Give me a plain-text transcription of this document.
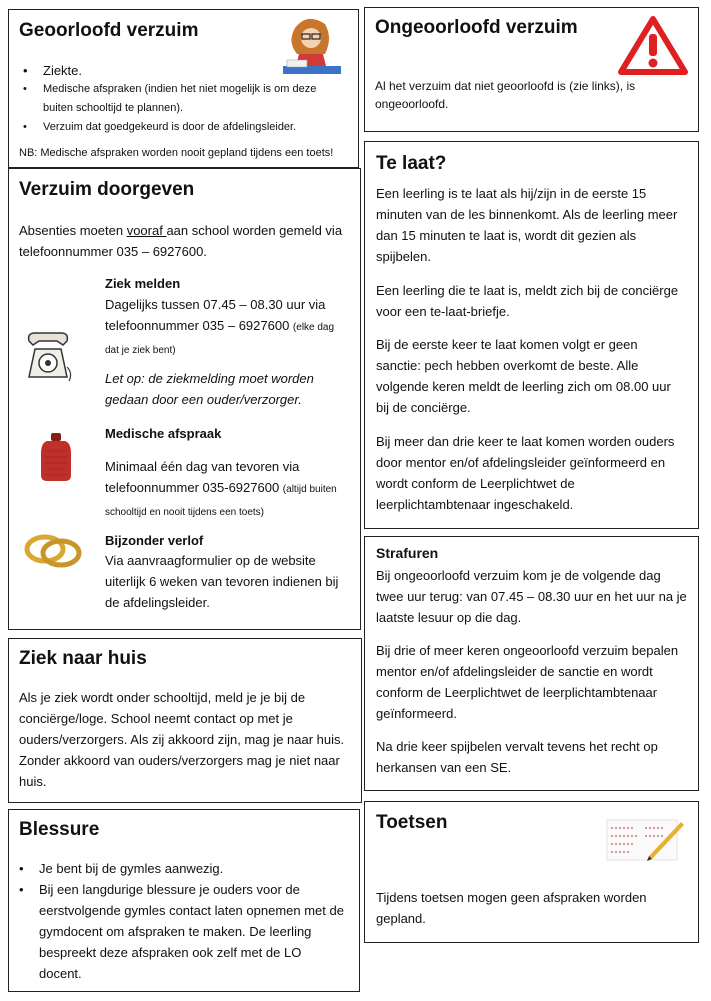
Geoorloofd verzuim
• Ziekte.
• Medische afspraken (indien het niet mogelijk is om deze buiten schooltijd te plannen).
• Verzuim dat goedgekeurd is door de afdelingsleider.

NB: Medische afspraken worden nooit gepland tijdens een toets!

Ongeoorloofd verzuim

Al het verzuim dat niet geoorloofd is (zie links), is ongeoorloofd.

Verzuim doorgeven

Absenties moeten vooraf aan school worden gemeld via telefoonnummer 035 – 6927600.

Ziek melden

Dagelijks tussen 07.45 – 08.30 uur via telefoonnummer 035 – 6927600 (elke dag dat je ziek bent)

Let op: de ziekmelding moet worden gedaan door een ouder/verzorger.

Medische afspraak

Minimaal één dag van tevoren via telefoonnummer 035-6927600 (altijd buiten schooltijd en nooit tijdens een toets)

Bijzonder verlof

Via aanvraagformulier op de website uiterlijk 6 weken van tevoren indienen bij de afdelingsleider.

Te laat?

Een leerling is te laat als hij/zijn in de eerste 15 minuten van de les binnenkomt. Als de leerling meer dan 15 minuten te laat is, wordt dit gezien als spijbelen.

Een leerling die te laat is, meldt zich bij de conciërge voor een te-laat-briefje.

Bij de eerste keer te laat komen volgt er geen sanctie: pech hebben overkomt de beste. Alle volgende keren meldt de leerling zich om 08.00 uur bij de conciërge.

Bij meer dan drie keer te laat komen worden ouders door mentor en/of afdelingsleider geïnformeerd en wordt conform de Leerplichtwet de leerplichtambtenaar ingeschakeld.

Strafuren

Bij ongeoorloofd verzuim kom je de volgende dag twee uur terug: van 07.45 – 08.30 uur en het uur na je laatste lesuur op die dag.

Bij drie of meer keren ongeoorloofd verzuim bepalen mentor en/of afdelingsleider de sanctie en wordt conform de Leerplichtwet de leerplichtambtenaar geïnformeerd.

Na drie keer spijbelen vervalt tevens het recht op herkansen van een SE.

Ziek naar huis

Als je ziek wordt onder schooltijd, meld je je bij de conciërge/loge. School neemt contact op met je ouders/verzorgers. Als zij akkoord zijn, mag je naar huis. Zonder akkoord van ouders/verzorgers mag je niet naar huis.

Blessure
• Je bent bij de gymles aanwezig.
• Bij een langdurige blessure je ouders voor de eerstvolgende gymles contact laten opnemen met de gymdocent om afspraken te maken. De leerling bespreekt deze afspraken ook zelf met de LO docent.
Toetsen

Tijdens toetsen mogen geen afspraken worden gepland.
